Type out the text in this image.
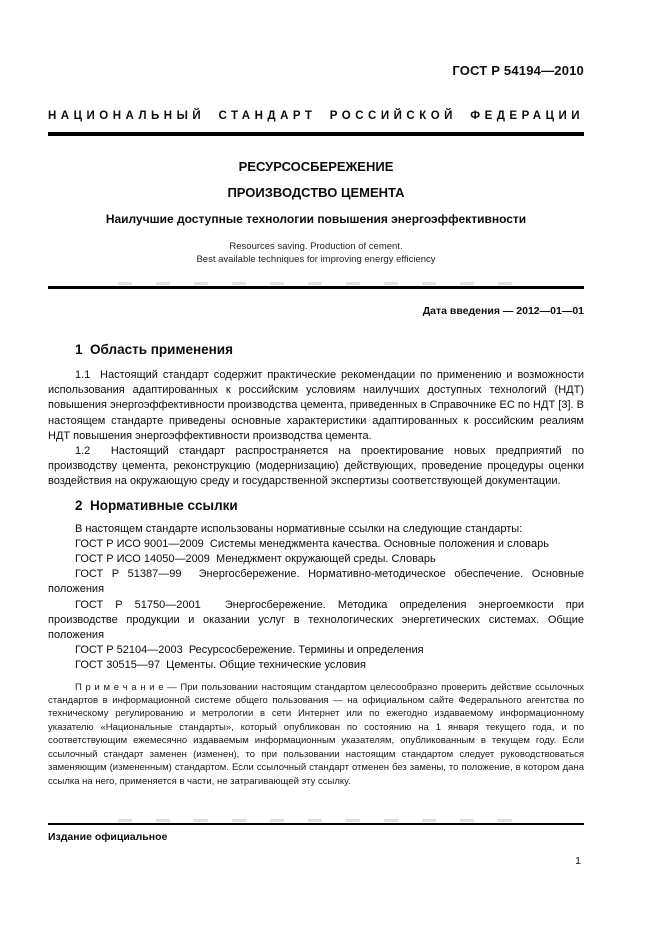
ГОСТ Р 54194—2010
НАЦИОНАЛЬНЫЙ СТАНДАРТ РОССИЙСКОЙ ФЕДЕРАЦИИ
РЕСУРСОСБЕРЕЖЕНИЕ
ПРОИЗВОДСТВО ЦЕМЕНТА
Наилучшие доступные технологии повышения энергоэффективности
Resources saving. Production of cement.
Best available techniques for improving energy efficiency
Дата введения — 2012—01—01
1  Область применения

1.1  Настоящий стандарт содержит практические рекомендации по применению и возможности использования адаптированных к российским условиям наилучших доступных технологий (НДТ) повышения энергоэффективности производства цемента, приведенных в Справочнике ЕС по НДТ [3]. В настоящем стандарте приведены основные характеристики адаптированных к российским реалиям НДТ повышения энергоэффективности производства цемента.

1.2  Настоящий стандарт распространяется на проектирование новых предприятий по производству цемента, реконструкцию (модернизацию) действующих, проведение процедуры оценки воздействия на окружающую среду и государственной экспертизы соответствующей документации.

2  Нормативные ссылки

В настоящем стандарте использованы нормативные ссылки на следующие стандарты:

ГОСТ Р ИСО 9001—2009  Системы менеджмента качества. Основные положения и словарь

ГОСТ Р ИСО 14050—2009  Менеджмент окружающей среды. Словарь

ГОСТ Р 51387—99  Энергосбережение. Нормативно-методическое обеспечение. Основные положения

ГОСТ Р 51750—2001  Энергосбережение. Методика определения энергоемкости при производстве продукции и оказании услуг в технологических энергетических системах. Общие положения

ГОСТ Р 52104—2003  Ресурсосбережение. Термины и определения

ГОСТ 30515—97  Цементы. Общие технические условия

П р и м е ч а н и е — При пользовании настоящим стандартом целесообразно проверить действие ссылочных стандартов в информационной системе общего пользования — на официальном сайте Федерального агентства по техническому регулированию и метрологии в сети Интернет или по ежегодно издаваемому информационному указателю «Национальные стандарты», который опубликован по состоянию на 1 января текущего года, и по соответствующим ежемесячно издаваемым информационным указателям, опубликованным в текущем году. Если ссылочный стандарт заменен (изменен), то при пользовании настоящим стандартом следует руководствоваться заменяющим (измененным) стандартом. Если ссылочный стандарт отменен без замены, то положение, в котором дана ссылка на него, применяется в части, не затрагивающей эту ссылку.

Издание официальное
1
